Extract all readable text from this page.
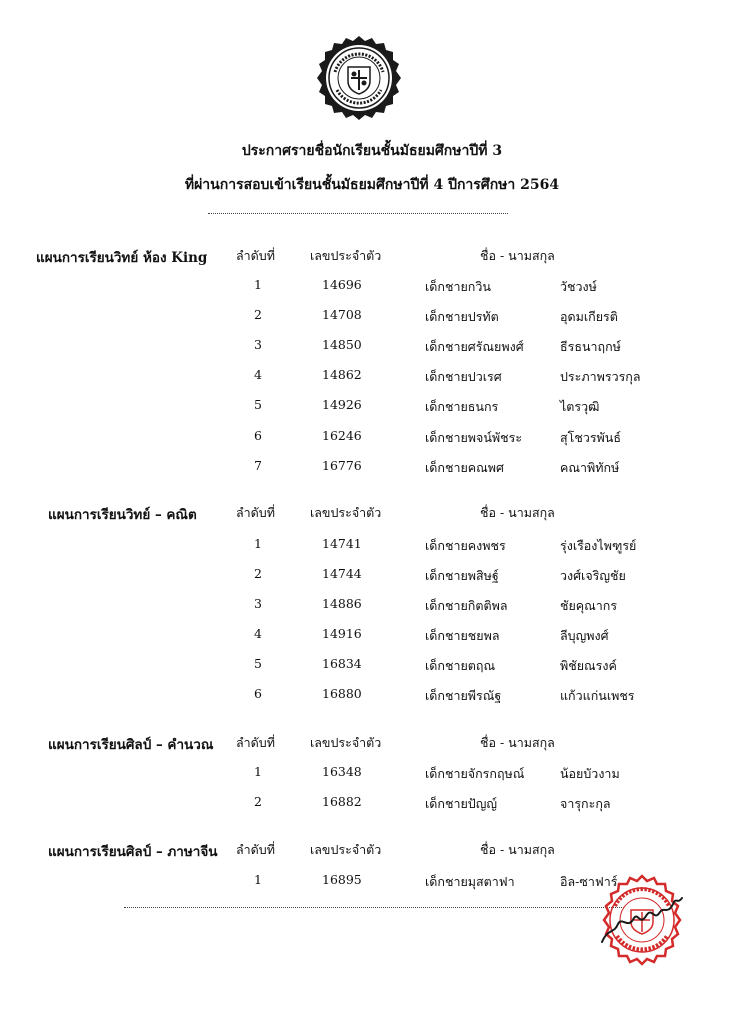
ประกาศรายชื่อนักเรียนชั้นมัธยมศึกษาปีที่ 3
ที่ผ่านการสอบเข้าเรียนชั้นมัธยมศึกษาปีที่ 4 ปีการศึกษา 2564
แผนการเรียนวิทย์ ห้อง King ลำดับที่	เลขประจำตัว	ชื่อ - นามสกุล
1	14696	เด็กชายกวิน	วัชวงษ์
2	14708	เด็กชายปรทัต	อุดมเกียรติ
3	14850	เด็กชายศรัณยพงศ์	ธีรธนาฤกษ์
4	14862	เด็กชายปวเรศ	ประภาพรวรกุล
5	14926	เด็กชายธนกร	ไตรวุฒิ
6	16246	เด็กชายพจน์พัชระ	สุโชวรพันธ์
7	16776	เด็กชายคณพศ	คณาพิทักษ์
แผนการเรียนวิทย์ – คณิต	ลำดับที่	เลขประจำตัว	ชื่อ - นามสกุล
1	14741	เด็กชายคงพชร	รุ่งเรืองไพฑูรย์
2	14744	เด็กชายพสิษฐ์	วงศ์เจริญชัย
3	14886	เด็กชายกิตติพล	ชัยคุณากร
4	14916	เด็กชายชยพล	ลีบุญพงศ์
5	16834	เด็กชายตฤณ	พิชัยณรงค์
6	16880	เด็กชายพีรณัฐ	แก้วแก่นเพชร
แผนการเรียนศิลป์ – คำนวณ ลำดับที่	เลขประจำตัว	ชื่อ - นามสกุล
1	16348	เด็กชายจักรกฤษณ์	น้อยบัวงาม
2	16882	เด็กชายปัญญ์	จารุกะกุล
แผนการเรียนศิลป์ – ภาษาจีน ลำดับที่	เลขประจำตัว	ชื่อ - นามสกุล
1	16895	เด็กชายมุสตาฟา	อิล-ซาฟาร์
